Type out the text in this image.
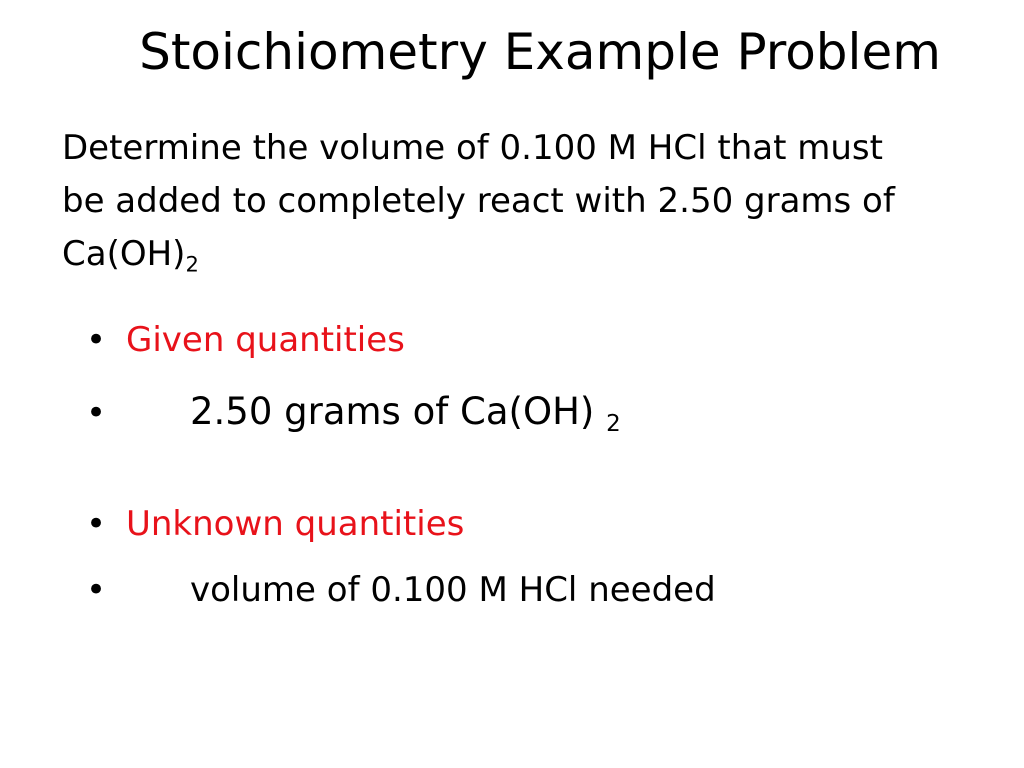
Stoichiometry Example Problem
Determine the volume of 0.100 M HCl that must
be added to completely react with 2.50 grams of
$Ca(OH)_2$
• Given quantities
• 2.50 grams of Ca(OH) $_2$
• Unknown quantities
• volume of 0.100 M HCl needed
